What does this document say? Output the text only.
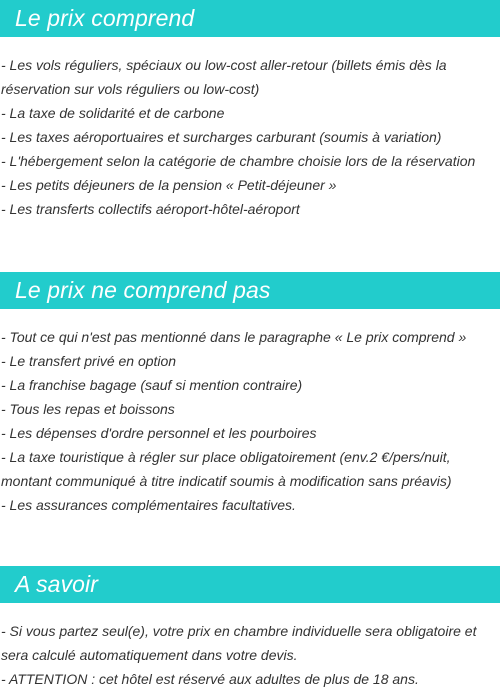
Le prix comprend
- Les vols réguliers, spéciaux ou low-cost aller-retour (billets émis dès la réservation sur vols réguliers ou low-cost)
- La taxe de solidarité et de carbone
- Les taxes aéroportuaires et surcharges carburant (soumis à variation)
- L'hébergement selon la catégorie de chambre choisie lors de la réservation
- Les petits déjeuners de la pension « Petit-déjeuner »
- Les transferts collectifs aéroport-hôtel-aéroport
Le prix ne comprend pas
- Tout ce qui n'est pas mentionné dans le paragraphe « Le prix comprend »
- Le transfert privé en option
- La franchise bagage (sauf si mention contraire)
- Tous les repas et boissons
- Les dépenses d'ordre personnel et les pourboires
- La taxe touristique à régler sur place obligatoirement (env.2 €/pers/nuit, montant communiqué à titre indicatif soumis à modification sans préavis)
- Les assurances complémentaires facultatives.
A savoir
- Si vous partez seul(e), votre prix en chambre individuelle sera obligatoire et sera calculé automatiquement dans votre devis.
- ATTENTION : cet hôtel est réservé aux adultes de plus de 18 ans.
